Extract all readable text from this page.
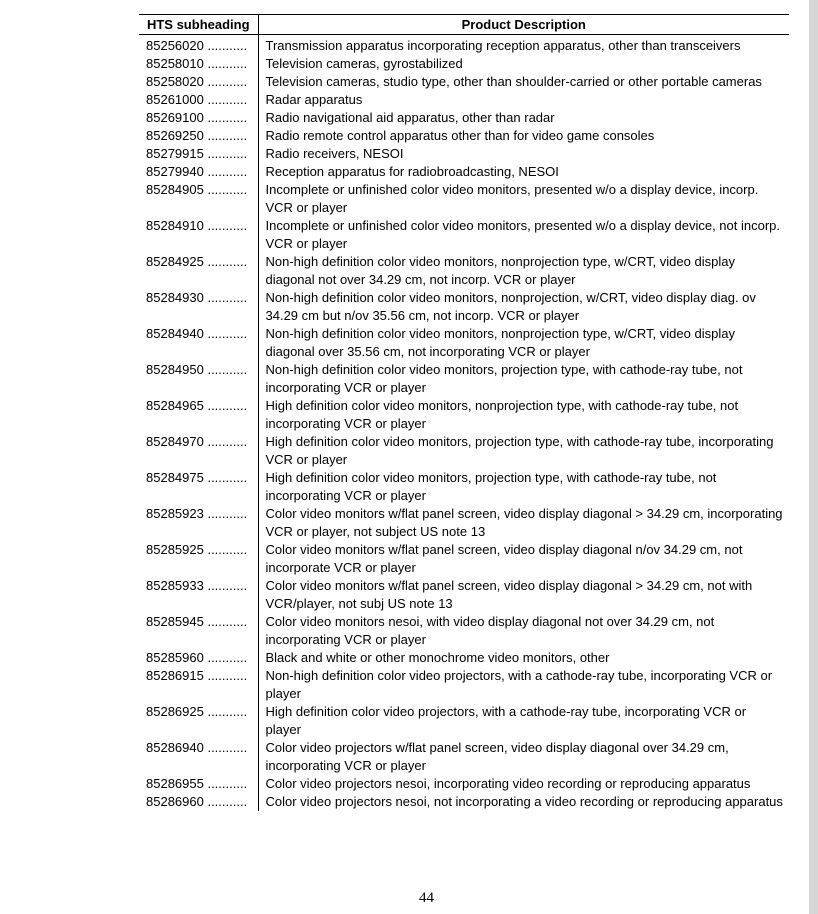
HTS subheading	Product Description
85256020 ...........	Transmission apparatus incorporating reception apparatus, other than transceivers
85258010 ...........	Television cameras, gyrostabilized
85258020 ...........	Television cameras, studio type, other than shoulder-carried or other portable cameras
85261000 ...........	Radar apparatus
85269100 ...........	Radio navigational aid apparatus, other than radar
85269250 ...........	Radio remote control apparatus other than for video game consoles
85279915 ...........	Radio receivers, NESOI
85279940 ...........	Reception apparatus for radiobroadcasting, NESOI
85284905 ...........	Incomplete or unfinished color video monitors, presented w/o a display device, incorp. VCR or player
85284910 ...........	Incomplete or unfinished color video monitors, presented w/o a display device, not incorp. VCR or player
85284925 ...........	Non-high definition color video monitors, nonprojection type, w/CRT, video display diagonal not over 34.29 cm, not incorp. VCR or player
85284930 ...........	Non-high definition color video monitors, nonprojection, w/CRT, video display diag. ov 34.29 cm but n/ov 35.56 cm, not incorp. VCR or player
85284940 ...........	Non-high definition color video monitors, nonprojection type, w/CRT, video display diagonal over 35.56 cm, not incorporating VCR or player
85284950 ...........	Non-high definition color video monitors, projection type, with cathode-ray tube, not incorporating VCR or player
85284965 ...........	High definition color video monitors, nonprojection type, with cathode-ray tube, not incorporating VCR or player
85284970 ...........	High definition color video monitors, projection type, with cathode-ray tube, incorporating VCR or player
85284975 ...........	High definition color video monitors, projection type, with cathode-ray tube, not incorporating VCR or player
85285923 ...........	Color video monitors w/flat panel screen, video display diagonal > 34.29 cm, incorporating VCR or player, not subject US note 13
85285925 ...........	Color video monitors w/flat panel screen, video display diagonal n/ov 34.29 cm, not incorporate VCR or player
85285933 ...........	Color video monitors w/flat panel screen, video display diagonal > 34.29 cm, not with VCR/player, not subj US note 13
85285945 ...........	Color video monitors nesoi, with video display diagonal not over 34.29 cm, not incorporating VCR or player
85285960 ...........	Black and white or other monochrome video monitors, other
85286915 ...........	Non-high definition color video projectors, with a cathode-ray tube, incorporating VCR or player
85286925 ...........	High definition color video projectors, with a cathode-ray tube, incorporating VCR or player
85286940 ...........	Color video projectors w/flat panel screen, video display diagonal over 34.29 cm, incorporating VCR or player
85286955 ...........	Color video projectors nesoi, incorporating video recording or reproducing apparatus
85286960 ...........	Color video projectors nesoi, not incorporating a video recording or reproducing apparatus
44
